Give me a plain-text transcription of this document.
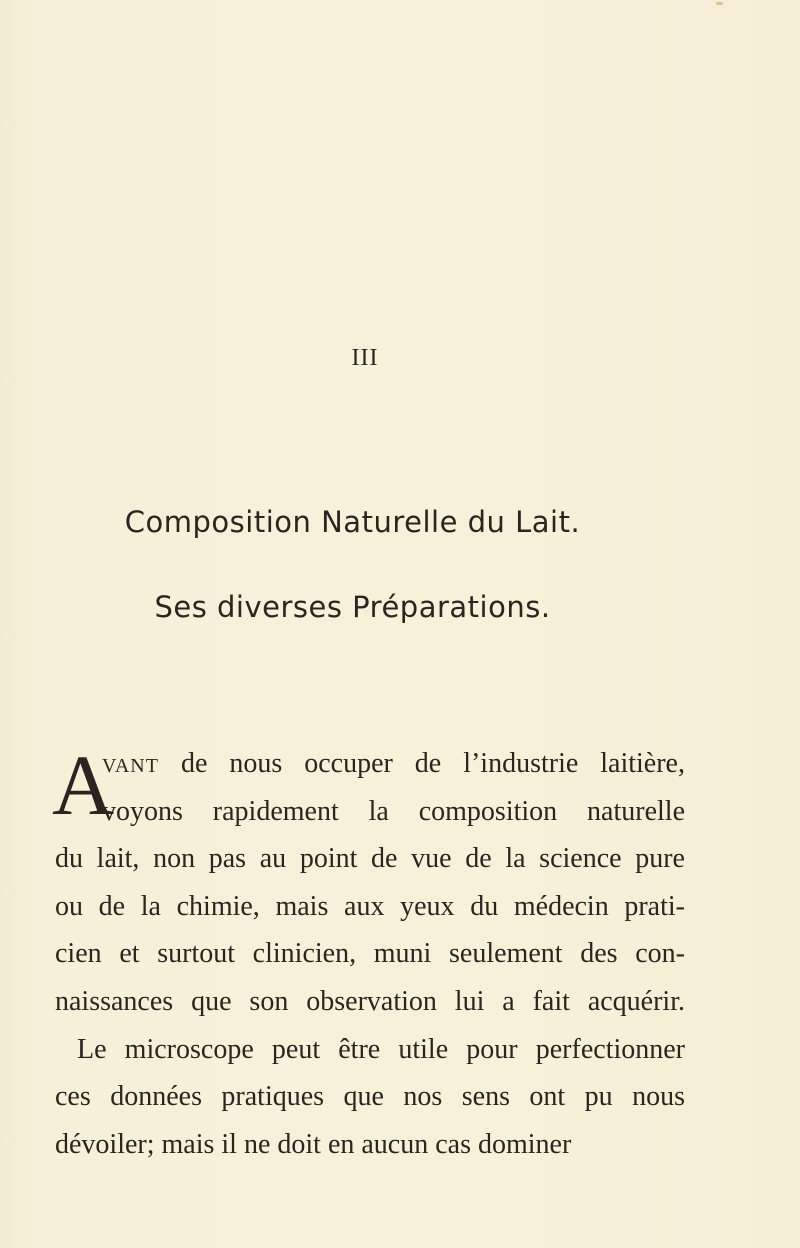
III
Composition Naturelle du Lait.
Ses diverses Préparations.
A
vant de nous occuper de l’industrie laitière,
voyons rapidement la composition naturelle
du lait, non pas au point de vue de la science pure
ou de la chimie, mais aux yeux du médecin prati-
cien et surtout clinicien, muni seulement des con-
naissances que son observation lui a fait acquérir.
Le microscope peut être utile pour perfectionner
ces données pratiques que nos sens ont pu nous
dévoiler; mais il ne doit en aucun cas dominer
